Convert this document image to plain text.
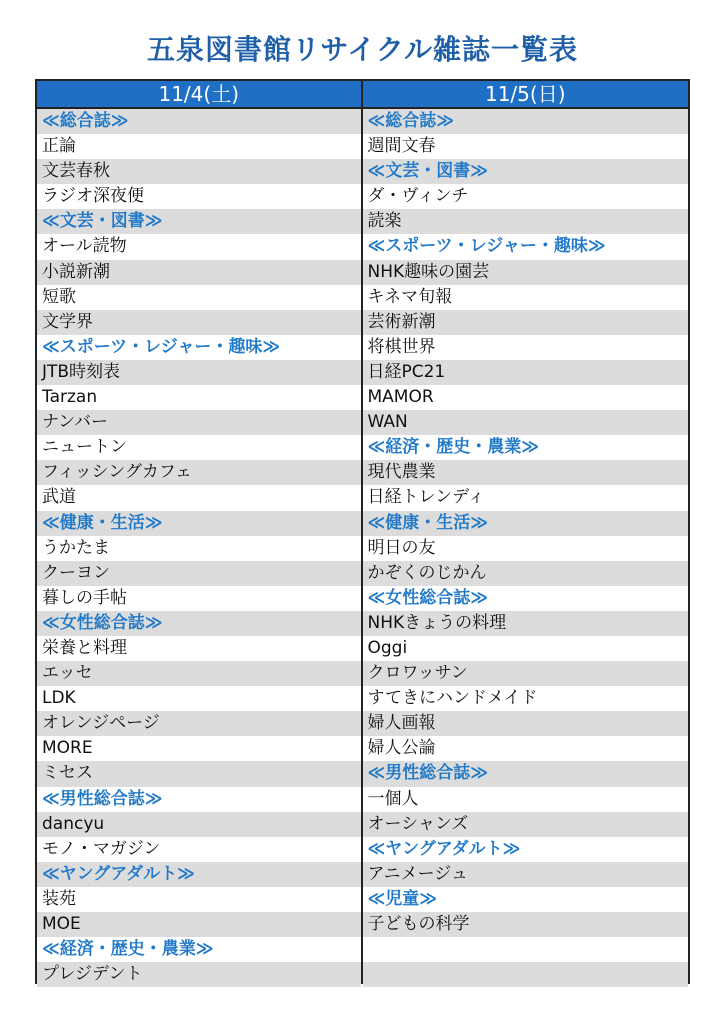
五泉図書館リサイクル雑誌一覧表
11/4(土)
≪総合誌≫
正論
文芸春秋
ラジオ深夜便
≪文芸・図書≫
オール読物
小説新潮
短歌
文学界
≪スポーツ・レジャー・趣味≫
JTB時刻表
Tarzan
ナンバー
ニュートン
フィッシングカフェ
武道
≪健康・生活≫
うかたま
クーヨン
暮しの手帖
≪女性総合誌≫
栄養と料理
エッセ
LDK
オレンジページ
MORE
ミセス
≪男性総合誌≫
dancyu
モノ・マガジン
≪ヤングアダルト≫
装苑
MOE
≪経済・歴史・農業≫
プレジデント
11/5(日)
≪総合誌≫
週間文春
≪文芸・図書≫
ダ・ヴィンチ
読楽
≪スポーツ・レジャー・趣味≫
NHK趣味の園芸
キネマ旬報
芸術新潮
将棋世界
日経PC21
MAMOR
WAN
≪経済・歴史・農業≫
現代農業
日経トレンディ
≪健康・生活≫
明日の友
かぞくのじかん
≪女性総合誌≫
NHKきょうの料理
Oggi
クロワッサン
すてきにハンドメイド
婦人画報
婦人公論
≪男性総合誌≫
一個人
オーシャンズ
≪ヤングアダルト≫
アニメージュ
≪児童≫
子どもの科学
